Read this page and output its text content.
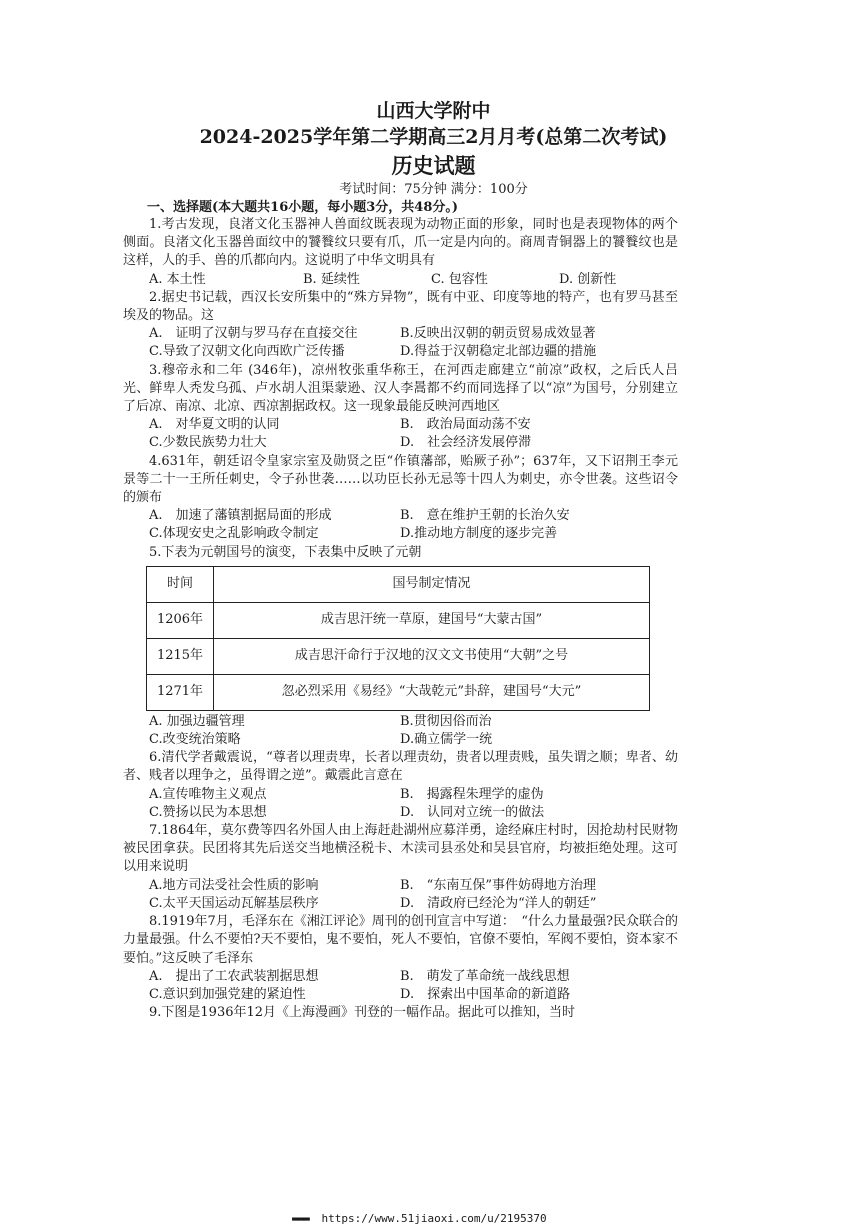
山西大学附中
2024-2025学年第二学期高三2月月考(总第二次考试)
历史试题
考试时间：75分钟 满分：100分
一、选择题(本大题共16小题，每小题3分，共48分。)

1.考古发现，良渚文化玉器神人兽面纹既表现为动物正面的形象，同时也是表现物体的两个侧面。良渚文化玉器兽面纹中的饕餮纹只要有爪，爪一定是内向的。商周青铜器上的饕餮纹也是这样，人的手、兽的爪都向内。这说明了中华文明具有

A. 本土性	B. 延续性	C. 包容性	D. 创新性

2.据史书记载，西汉长安所集中的“殊方异物”，既有中亚、印度等地的特产，也有罗马甚至埃及的物品。这

A.　证明了汉朝与罗马存在直接交往	B.反映出汉朝的朝贡贸易成效显著
C.导致了汉朝文化向西欧广泛传播	D.得益于汉朝稳定北部边疆的措施

3.穆帝永和二年 (346年)，凉州牧张重华称王，在河西走廊建立“前凉”政权，之后氏人吕光、鲜卑人秃发乌孤、卢水胡人沮渠蒙逊、汉人李暠都不约而同选择了以“凉”为国号，分别建立了后凉、南凉、北凉、西凉割据政权。这一现象最能反映河西地区

A.　对华夏文明的认同	B.　政治局面动荡不安
C.少数民族势力壮大	D.　社会经济发展停滞

4.631年，朝廷诏令皇家宗室及勋贤之臣“作镇藩部，贻厥子孙”；637年，又下诏荆王李元景等二十一王所任刺史，令子孙世袭……以功臣长孙无忌等十四人为刺史，亦令世袭。这些诏令的颁布

A.　加速了藩镇割据局面的形成	B.　意在维护王朝的长治久安
C.体现安史之乱影响政令制定	D.推动地方制度的逐步完善

5.下表为元朝国号的演变，下表集中反映了元朝

时间	国号制定情况
1206年	成吉思汗统一草原，建国号“大蒙古国”
1215年	成吉思汗命行于汉地的汉文文书使用“大朝”之号
1271年	忽必烈采用《易经》“大哉乾元”卦辞，建国号“大元”
A. 加强边疆管理	B.贯彻因俗而治
C.改变统治策略	D.确立儒学一统

6.清代学者戴震说，“尊者以理责卑，长者以理责幼，贵者以理责贱，虽失谓之顺；卑者、幼者、贱者以理争之，虽得谓之逆”。戴震此言意在

A.宣传唯物主义观点	B.　揭露程朱理学的虚伪
C.赞扬以民为本思想	D.　认同对立统一的做法

7.1864年，莫尔费等四名外国人由上海赶赴湖州应募洋勇，途经麻庄村时，因抢劫村民财物被民团拿获。民团将其先后送交当地横泾税卡、木渎司县丞处和吴县官府，均被拒绝处理。这可以用来说明

A.地方司法受社会性质的影响	B.　“东南互保”事件妨碍地方治理
C.太平天国运动瓦解基层秩序	D.　清政府已经沦为“洋人的朝廷”

8.1919年7月，毛泽东在《湘江评论》周刊的创刊宣言中写道：　“什么力量最强?民众联合的力量最强。什么不要怕?天不要怕，鬼不要怕，死人不要怕，官僚不要怕，军阀不要怕，资本家不要怕。”这反映了毛泽东

A.　提出了工农武装割据思想	B.　萌发了革命统一战线思想
C.意识到加强党建的紧迫性	D.　探索出中国革命的新道路

9.下图是1936年12月《上海漫画》刊登的一幅作品。据此可以推知，当时

▬▬▬ https://www.51jiaoxi.com/u/2195370
